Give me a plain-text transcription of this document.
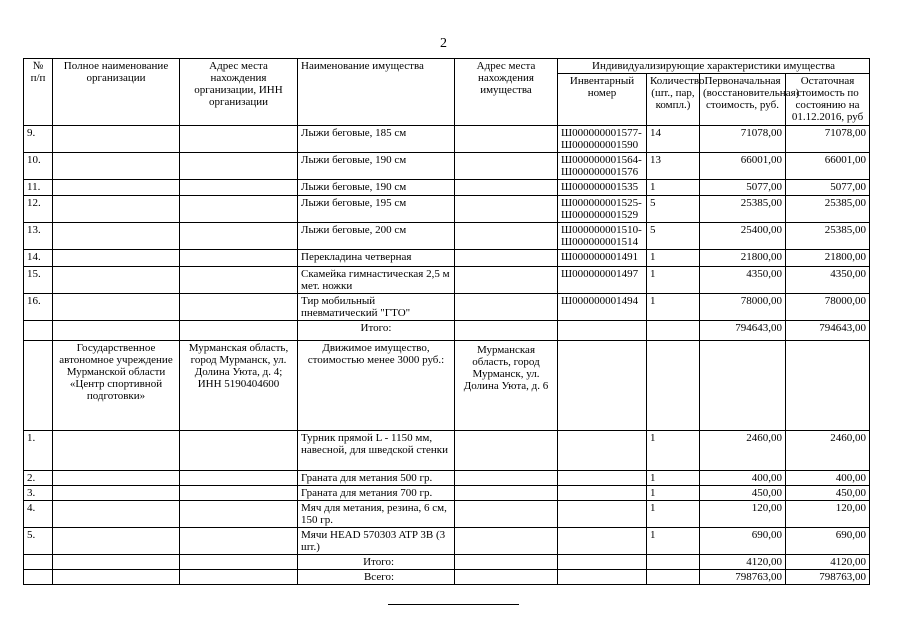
2
№ п/п	Полное наименование организации	Адрес места нахождения организации, ИНН организации	Наименование имущества	Адрес места нахождения имущества	Индивидуализирующие характеристики имущества			
					Инвентарный номер	Количество (шт., пар, компл.)	Первоначальная (восстановительная) стоимость, руб.	Остаточная стоимость по состоянию на 01.12.2016, руб
9.			Лыжи беговые, 185 см		Ш000000001577-Ш000000001590	14	71078,00	71078,00
10.			Лыжи беговые, 190 см		Ш000000001564-Ш000000001576	13	66001,00	66001,00
11.			Лыжи беговые, 190 см		Ш000000001535	1	5077,00	5077,00
12.			Лыжи беговые, 195 см		Ш000000001525-Ш000000001529	5	25385,00	25385,00
13.			Лыжи беговые, 200 см		Ш000000001510-Ш000000001514	5	25400,00	25385,00
14.			Перекладина четверная		Ш000000001491	1	21800,00	21800,00
15.			Скамейка гимнастическая 2,5 м мет. ножки		Ш000000001497	1	4350,00	4350,00
16.			Тир мобильный пневматический "ГТО"		Ш000000001494	1	78000,00	78000,00
			Итого:				794643,00	794643,00
	Государственное автономное учреждение Мурманской области «Центр спортивной подготовки»	Мурманская область, город Мурманск, ул. Долина Уюта, д. 4; ИНН 5190404600	Движимое имущество, стоимостью менее 3000 руб.:	Мурманская область, город Мурманск, ул. Долина Уюта, д. 6				
1.			Турник прямой L - 1150 мм, навесной, для шведской стенки			1	2460,00	2460,00
2.			Граната для метания 500 гр.			1	400,00	400,00
3.			Граната для метания 700 гр.			1	450,00	450,00
4.			Мяч для метания, резина, 6 см, 150 гр.			1	120,00	120,00
5.			Мячи HEAD 570303 ATP 3B (3 шт.)			1	690,00	690,00
			Итого:				4120,00	4120,00
			Всего:				798763,00	798763,00
